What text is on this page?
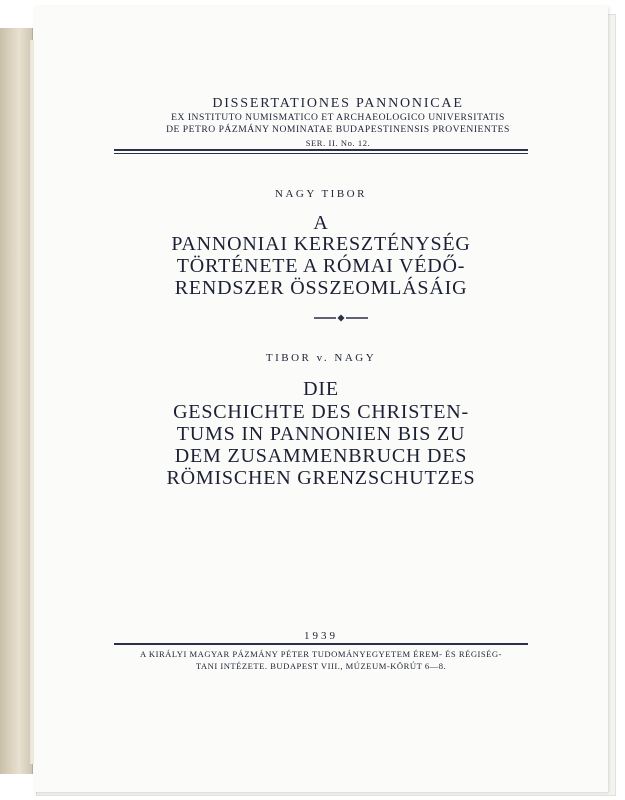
DISSERTATIONES PANNONICAE
EX INSTITUTO NUMISMATICO ET ARCHAEOLOGICO UNIVERSITATIS
DE PETRO PÁZMÁNY NOMINATAE BUDAPESTINENSIS PROVENIENTES
SER. II. No. 12.
NAGY TIBOR
A
PANNONIAI KERESZTÉNYSÉG
TÖRTÉNETE A RÓMAI VÉDŐ-
RENDSZER ÖSSZEOMLÁSÁIG
TIBOR v. NAGY
DIE
GESCHICHTE DES CHRISTEN-
TUMS IN PANNONIEN BIS ZU
DEM ZUSAMMENBRUCH DES
RÖMISCHEN GRENZSCHUTZES
1939
A KIRÁLYI MAGYAR PÁZMÁNY PÉTER TUDOMÁNYEGYETEM ÉREM- ÉS RÉGISÉG-
TANI INTÉZETE. BUDAPEST VIII., MÚZEUM-KÖRÚT 6—8.
